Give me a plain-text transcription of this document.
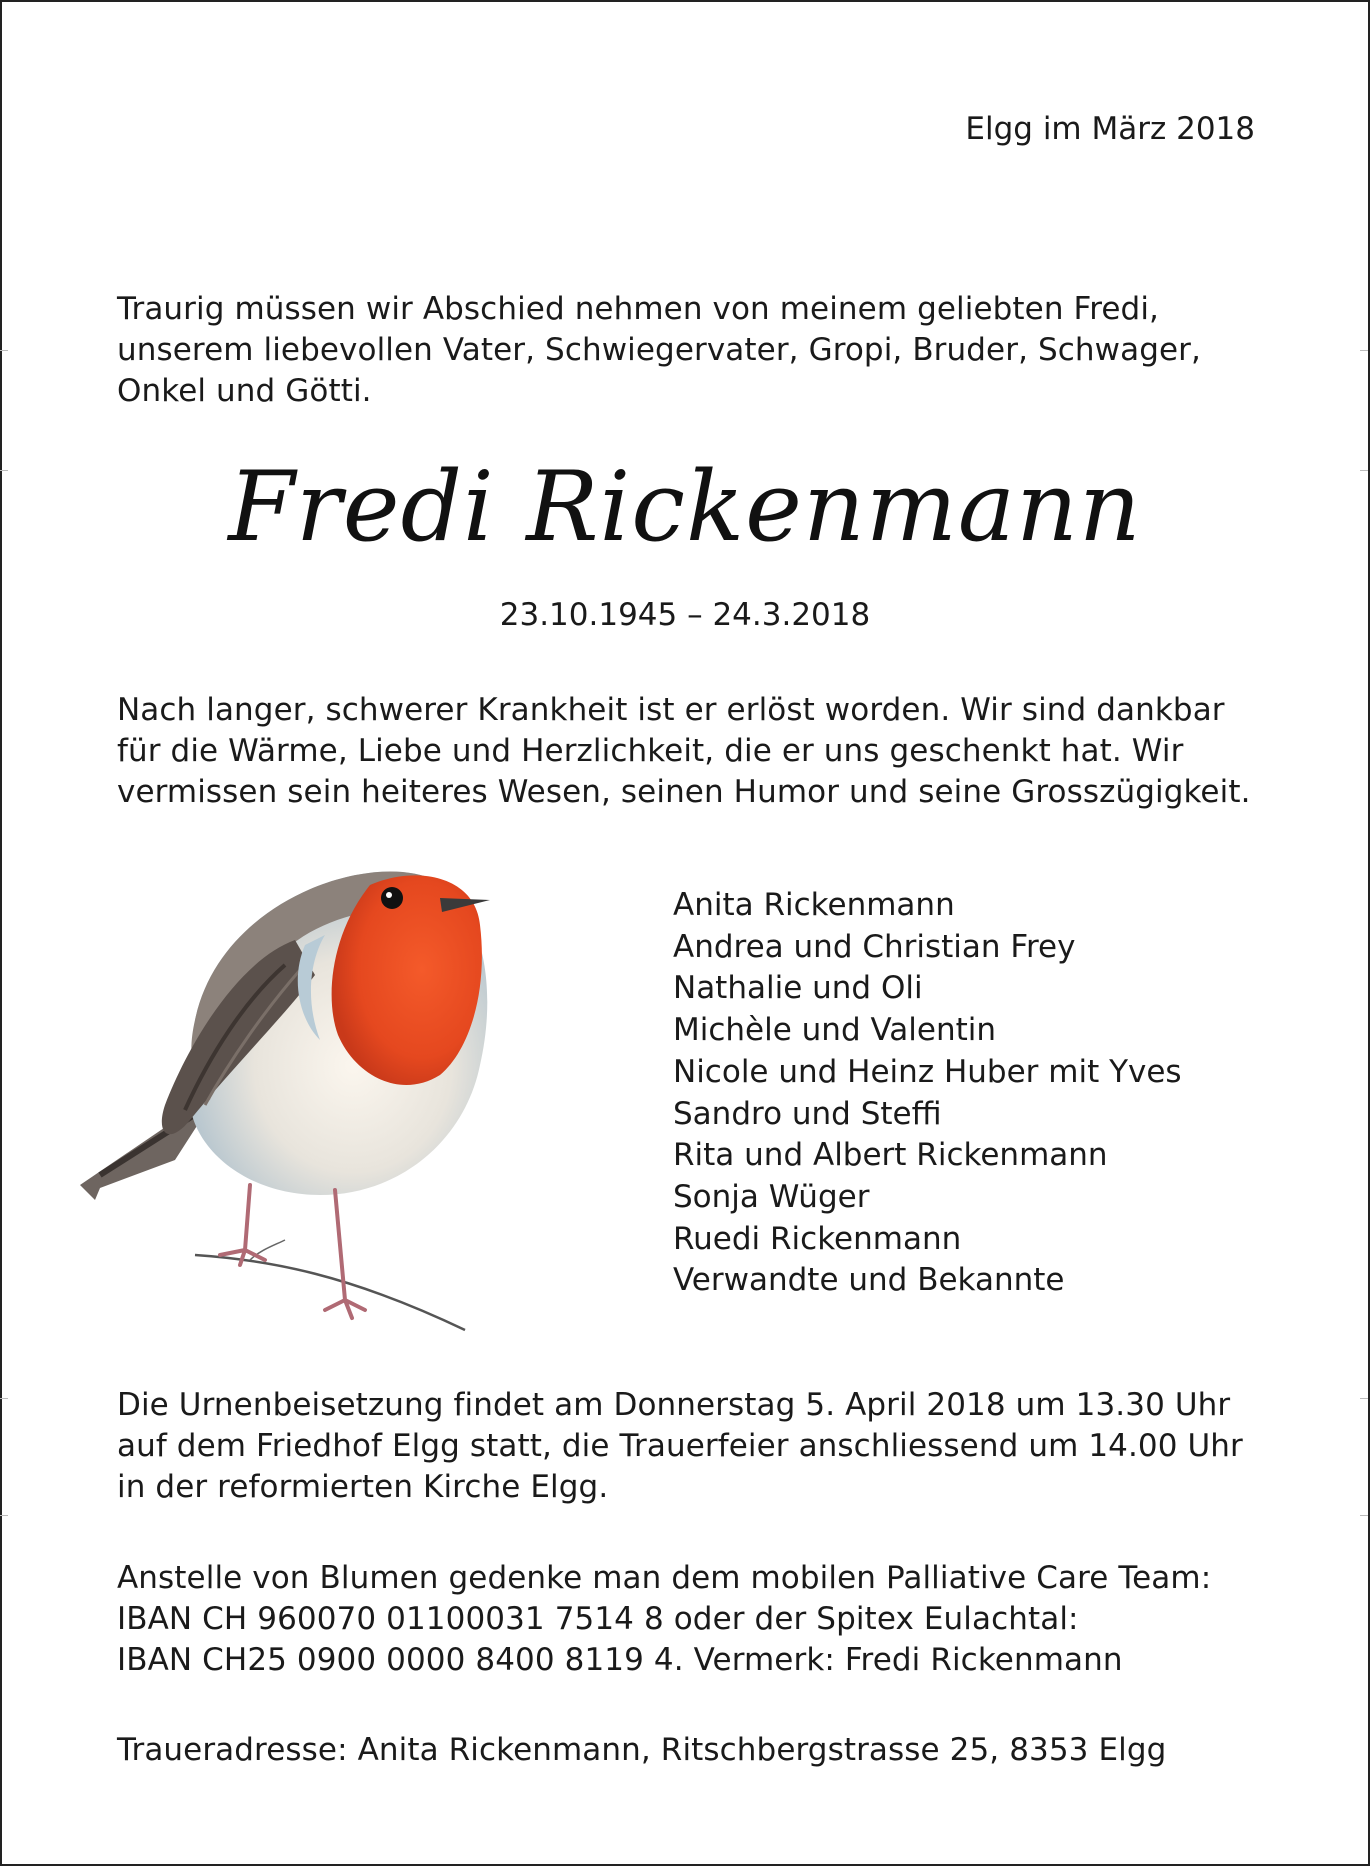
Elgg im März 2018
Traurig müssen wir Abschied nehmen von meinem geliebten Fredi,
unserem liebevollen Vater, Schwiegervater, Gropi, Bruder, Schwager,
Onkel und Götti.
Fredi Rickenmann
23.10.1945 – 24.3.2018
Nach langer, schwerer Krankheit ist er erlöst worden. Wir sind dankbar
für die Wärme, Liebe und Herzlichkeit, die er uns geschenkt hat. Wir
vermissen sein heiteres Wesen, seinen Humor und seine Grosszügigkeit.
Anita Rickenmann
Andrea und Christian Frey
Nathalie und Oli
Michèle und Valentin
Nicole und Heinz Huber mit Yves
Sandro und Steffi
Rita und Albert Rickenmann
Sonja Wüger
Ruedi Rickenmann
Verwandte und Bekannte
Die Urnenbeisetzung findet am Donnerstag 5. April 2018 um 13.30 Uhr
auf dem Friedhof Elgg statt, die Trauerfeier anschliessend um 14.00 Uhr
in der reformierten Kirche Elgg.
Anstelle von Blumen gedenke man dem mobilen Palliative Care Team:
IBAN CH 960070 01100031 7514 8 oder der Spitex Eulachtal:
IBAN CH25 0900 0000 8400 8119 4. Vermerk: Fredi Rickenmann
Traueradresse: Anita Rickenmann, Ritschbergstrasse 25, 8353 Elgg
